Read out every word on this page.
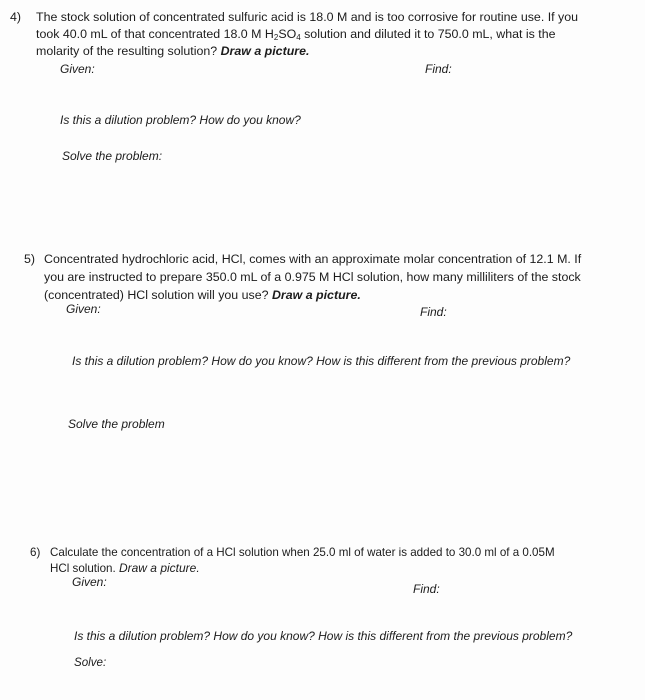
4) The stock solution of concentrated sulfuric acid is 18.0 M and is too corrosive for routine use. If you
took 40.0 mL of that concentrated 18.0 M $H_2SO_4$ solution and diluted it to 750.0 mL, what is the
molarity of the resulting solution? Draw a picture.
Given:	Find:
Is this a dilution problem? How do you know?
Solve the problem:
5) Concentrated hydrochloric acid, HCl, comes with an approximate molar concentration of 12.1 M. If
you are instructed to prepare 350.0 mL of a 0.975 M HCl solution, how many milliliters of the stock
(concentrated) HCl solution will you use? Draw a picture.
Given:	Find:
Is this a dilution problem? How do you know? How is this different from the previous problem?
Solve the problem
6) Calculate the concentration of a HCl solution when 25.0 ml of water is added to 30.0 ml of a 0.05M
HCl solution. Draw a picture.
Given:	Find:
Is this a dilution problem? How do you know? How is this different from the previous problem?
Solve:
